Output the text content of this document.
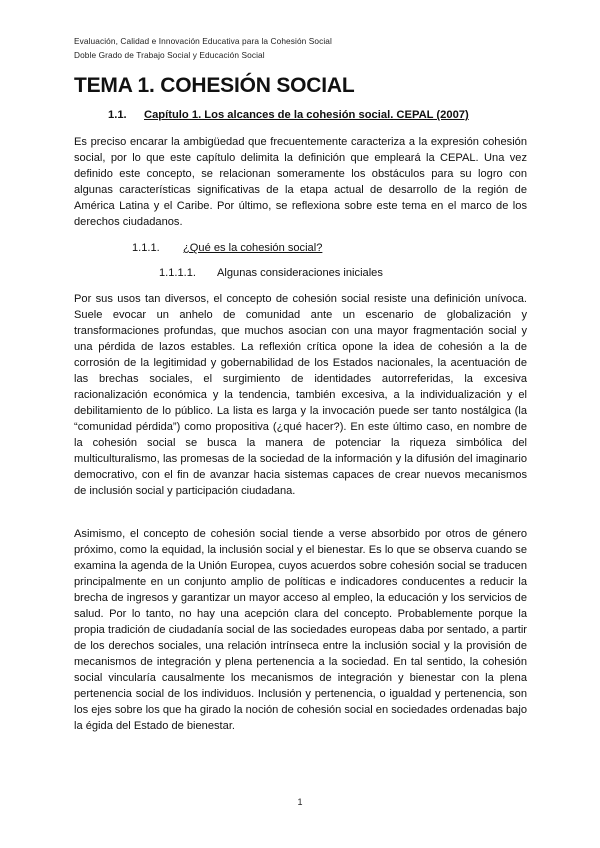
Evaluación, Calidad e Innovación Educativa para la Cohesión Social
Doble Grado de Trabajo Social y Educación Social
TEMA 1. COHESIÓN SOCIAL
1.1. Capítulo 1. Los alcances de la cohesión social. CEPAL (2007)

Es preciso encarar la ambigüedad que frecuentemente caracteriza a la expresión cohesión social, por lo que este capítulo delimita la definición que empleará la CEPAL. Una vez definido este concepto, se relacionan someramente los obstáculos para su logro con algunas características significativas de la etapa actual de desarrollo de la región de América Latina y el Caribe. Por último, se reflexiona sobre este tema en el marco de los derechos ciudadanos.

1.1.1. ¿Qué es la cohesión social?
1.1.1.1. Algunas consideraciones iniciales

Por sus usos tan diversos, el concepto de cohesión social resiste una definición unívoca. Suele evocar un anhelo de comunidad ante un escenario de globalización y transformaciones profundas, que muchos asocian con una mayor fragmentación social y una pérdida de lazos estables. La reflexión crítica opone la idea de cohesión a la de corrosión de la legitimidad y gobernabilidad de los Estados nacionales, la acentuación de las brechas sociales, el surgimiento de identidades autorreferidas, la excesiva racionalización económica y la tendencia, también excesiva, a la individualización y el debilitamiento de lo público. La lista es larga y la invocación puede ser tanto nostálgica (la “comunidad pérdida”) como propositiva (¿qué hacer?). En este último caso, en nombre de la cohesión social se busca la manera de potenciar la riqueza simbólica del multiculturalismo, las promesas de la sociedad de la información y la difusión del imaginario democrativo, con el fin de avanzar hacia sistemas capaces de crear nuevos mecanismos de inclusión social y participación ciudadana.

Asimismo, el concepto de cohesión social tiende a verse absorbido por otros de género próximo, como la equidad, la inclusión social y el bienestar. Es lo que se observa cuando se examina la agenda de la Unión Europea, cuyos acuerdos sobre cohesión social se traducen principalmente en un conjunto amplio de políticas e indicadores conducentes a reducir la brecha de ingresos y garantizar un mayor acceso al empleo, la educación y los servicios de salud. Por lo tanto, no hay una acepción clara del concepto. Probablemente porque la propia tradición de ciudadanía social de las sociedades europeas daba por sentado, a partir de los derechos sociales, una relación intrínseca entre la inclusión social y la provisión de mecanismos de integración y plena pertenencia a la sociedad. En tal sentido, la cohesión social vincularía causalmente los mecanismos de integración y bienestar con la plena pertenencia social de los individuos. Inclusión y pertenencia, o igualdad y pertenencia, son los ejes sobre los que ha girado la noción de cohesión social en sociedades ordenadas bajo la égida del Estado de bienestar.

1
